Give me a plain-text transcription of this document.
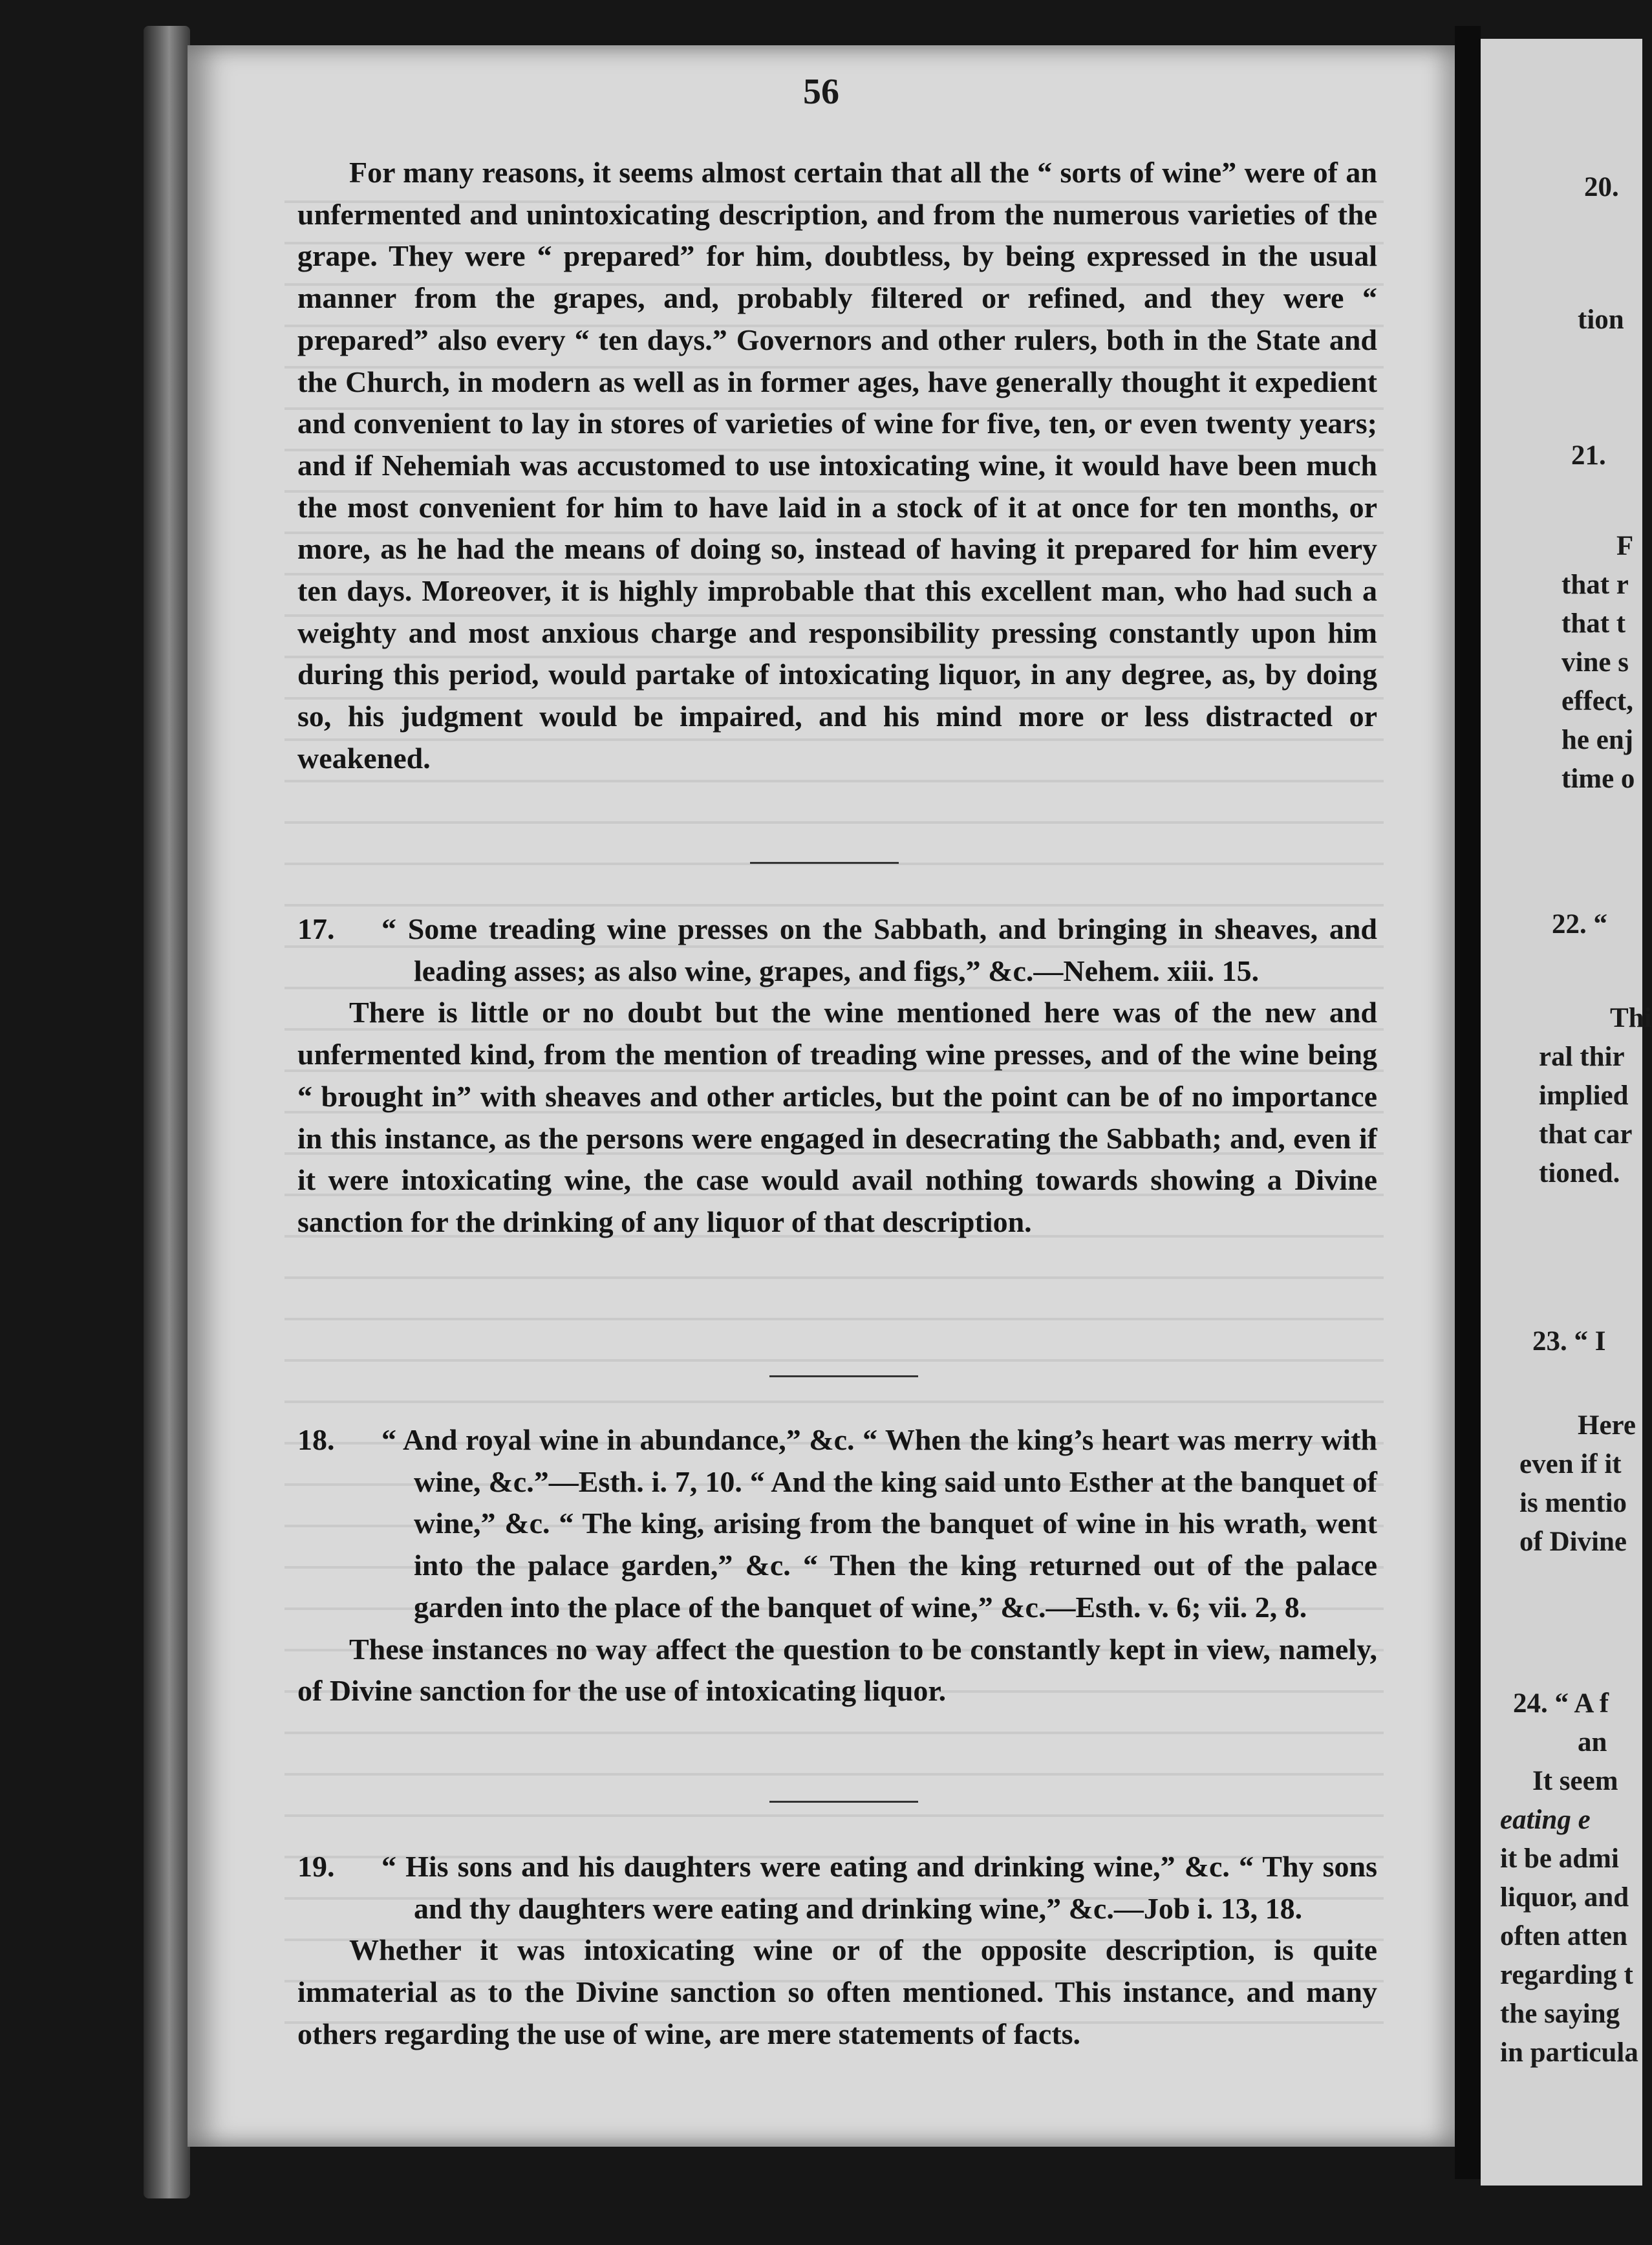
56

For many reasons, it seems almost certain that all the “ sorts of wine” were of an unfermented and unintoxicating description, and from the numerous varieties of the grape. They were “ prepared” for him, doubtless, by being expressed in the usual manner from the grapes, and, probably filtered or refined, and they were “ prepared” also every “ ten days.” Governors and other rulers, both in the State and the Church, in modern as well as in former ages, have generally thought it expedient and convenient to lay in stores of varieties of wine for five, ten, or even twenty years; and if Nehemiah was accustomed to use intoxicating wine, it would have been much the most convenient for him to have laid in a stock of it at once for ten months, or more, as he had the means of doing so, instead of having it prepared for him every ten days. Moreover, it is highly improbable that this excellent man, who had such a weighty and most anxious charge and responsibility pressing constantly upon him during this period, would partake of intoxicating liquor, in any degree, as, by doing so, his judgment would be impaired, and his mind more or less distracted or weakened.

17. “ Some treading wine presses on the Sabbath, and bringing in sheaves, and leading asses; as also wine, grapes, and figs,” &c.—Nehem. xiii. 15.

There is little or no doubt but the wine mentioned here was of the new and unfermented kind, from the mention of treading wine presses, and of the wine being “ brought in” with sheaves and other articles, but the point can be of no importance in this instance, as the persons were engaged in desecrating the Sabbath; and, even if it were intoxicating wine, the case would avail nothing towards showing a Divine sanction for the drinking of any liquor of that description.

18. “ And royal wine in abundance,” &c. “ When the king’s heart was merry with wine, &c.”—Esth. i. 7, 10. “ And the king said unto Esther at the banquet of wine,” &c. “ The king, arising from the banquet of wine in his wrath, went into the palace garden,” &c. “ Then the king returned out of the palace garden into the place of the banquet of wine,” &c.—Esth. v. 6; vii. 2, 8.

These instances no way affect the question to be constantly kept in view, namely, of Divine sanction for the use of intoxicating liquor.

19. “ His sons and his daughters were eating and drinking wine,” &c. “ Thy sons and thy daughters were eating and drinking wine,” &c.—Job i. 13, 18.

Whether it was intoxicating wine or of the opposite description, is quite immaterial as to the Divine sanction so often mentioned. This instance, and many others regarding the use of wine, are mere statements of facts.

20.
tion
21.
F
that r
that t
vine s
effect,
he enj
time o
22. “
Thi
ral thir
implied
that car
tioned.
23. “ I
Here
even if it
is mentio
of Divine
24. “ A f
an
It seem
eating e
it be admi
liquor, and
often atten
regarding t
the saying
in particula
